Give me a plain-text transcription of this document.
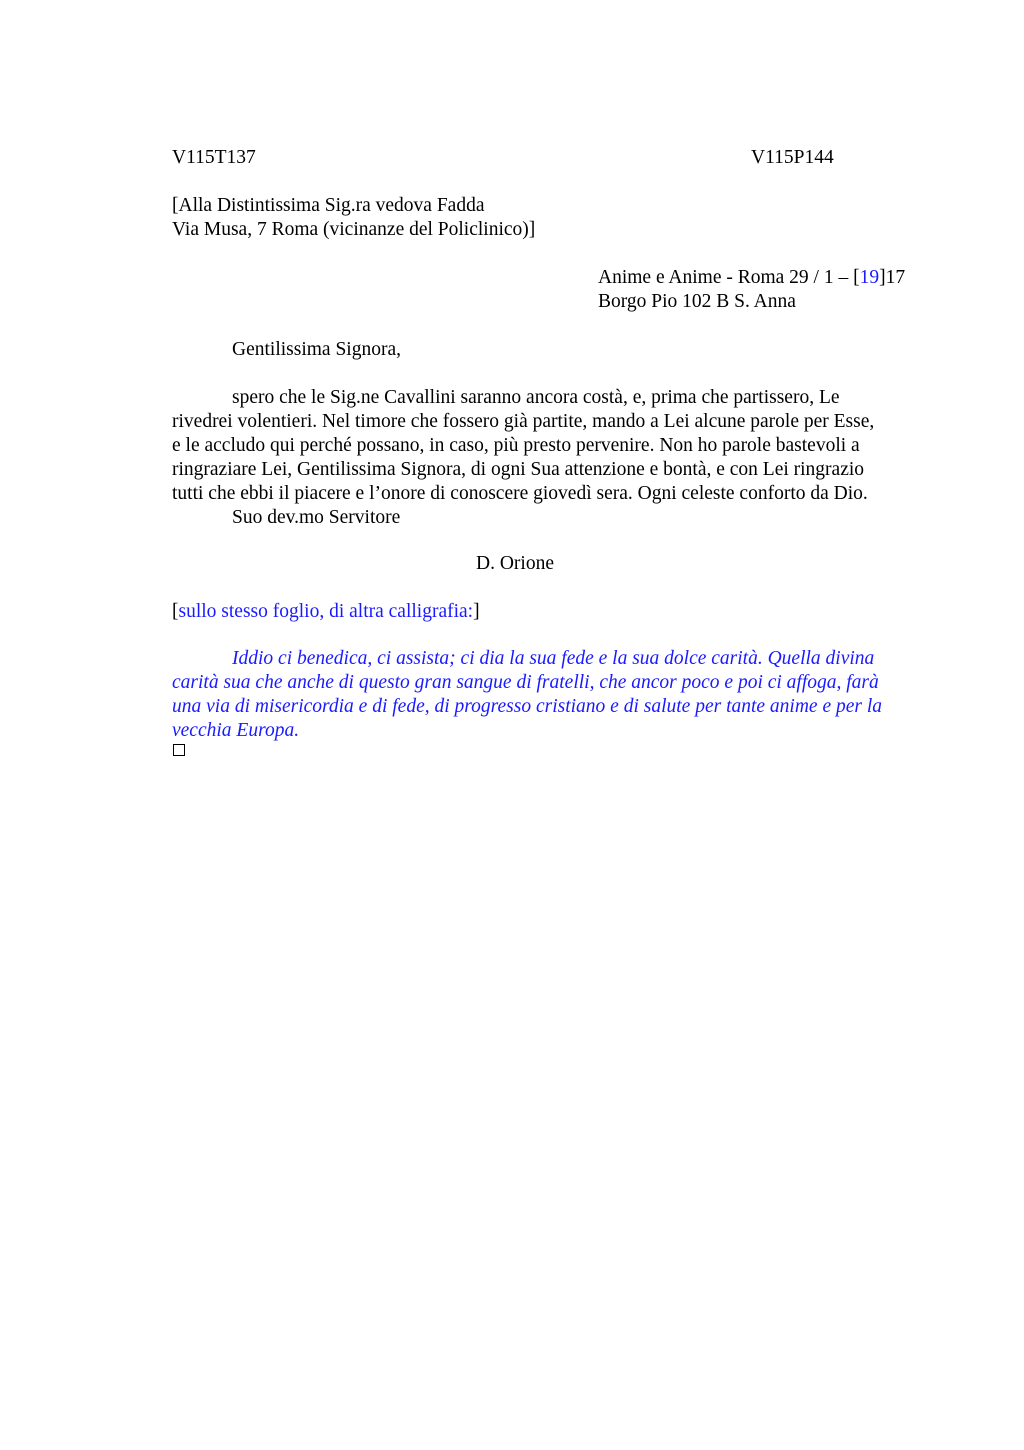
V115T137	V115P144
[Alla Distintissima Sig.ra vedova Fadda
Via Musa, 7 Roma (vicinanze del Policlinico)]
Anime e Anime - Roma 29 / 1 – [19]17
Borgo Pio 102 B S. Anna
Gentilissima Signora,
spero che le Sig.ne Cavallini saranno ancora costà, e, prima che partissero, Le
rivedrei volentieri. Nel timore che fossero già partite, mando a Lei alcune parole per Esse,
e le accludo qui perché possano, in caso, più presto pervenire. Non ho parole bastevoli a
ringraziare Lei, Gentilissima Signora, di ogni Sua attenzione e bontà, e con Lei ringrazio
tutti che ebbi il piacere e l’onore di conoscere giovedì sera. Ogni celeste conforto da Dio.
Suo dev.mo Servitore
D. Orione
[sullo stesso foglio, di altra calligrafia:]
Iddio ci benedica, ci assista; ci dia la sua fede e la sua dolce carità. Quella divina
carità sua che anche di questo gran sangue di fratelli, che ancor poco e poi ci affoga, farà
una via di misericordia e di fede, di progresso cristiano e di salute per tante anime e per la
vecchia Europa.
